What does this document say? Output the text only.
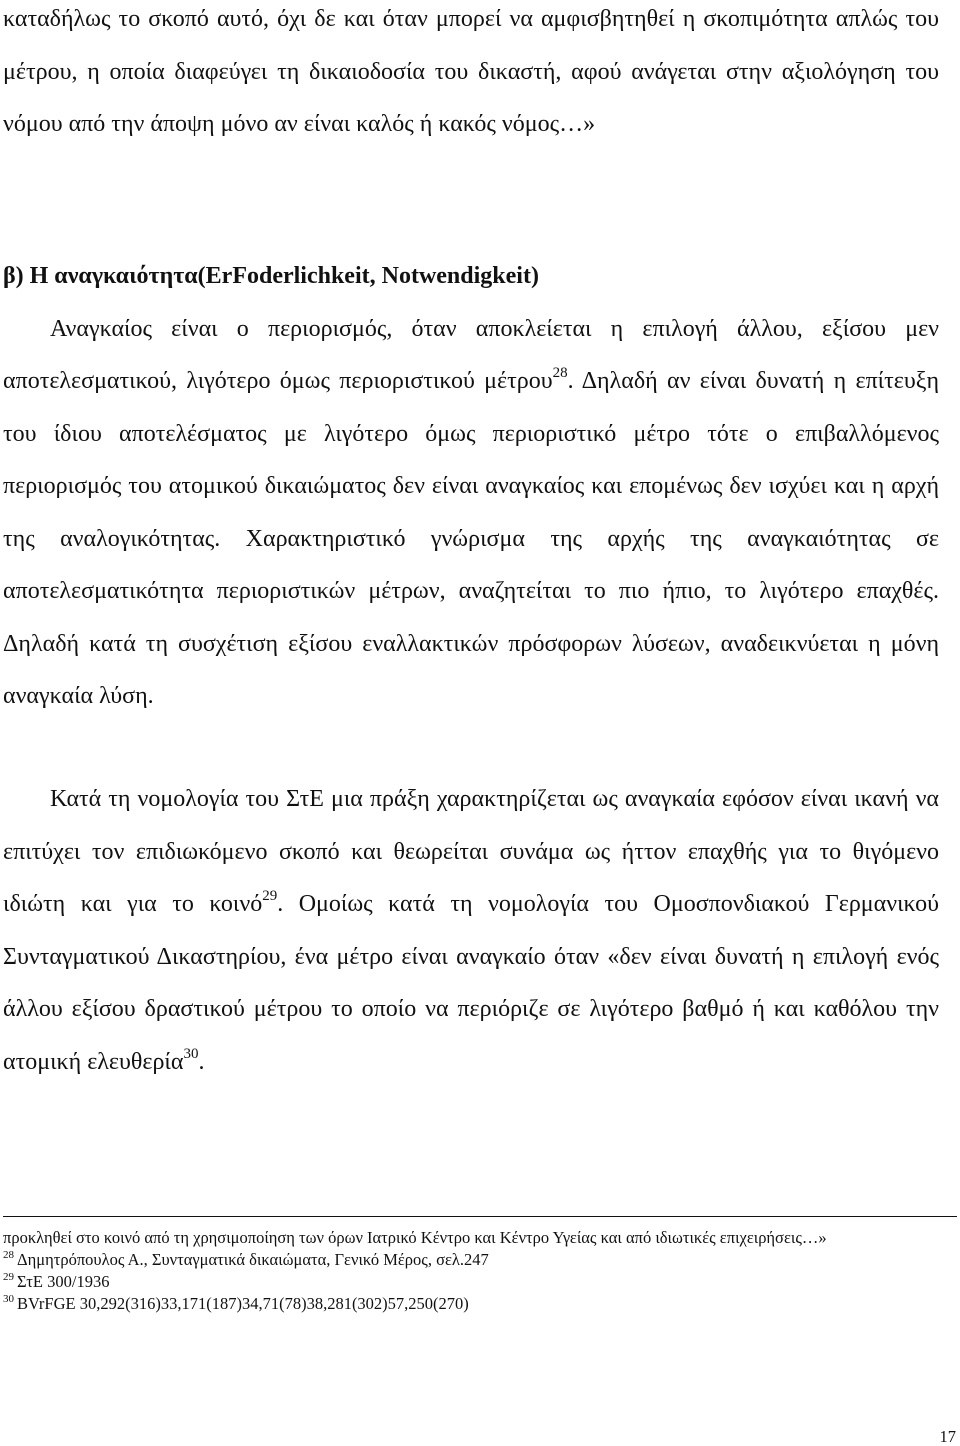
καταδήλως το σκοπό αυτό, όχι δε και όταν μπορεί να αμφισβητηθεί η σκοπιμότητα απλώς του μέτρου, η οποία διαφεύγει τη δικαιοδοσία του δικαστή, αφού ανάγεται στην αξιολόγηση του νόμου από την άποψη μόνο αν είναι καλός ή κακός νόμος…»

β) Η αναγκαιότητα(ErFoderlichkeit, Notwendigkeit)

Αναγκαίος είναι ο περιορισμός, όταν αποκλείεται η επιλογή άλλου, εξίσου μεν αποτελεσματικού, λιγότερο όμως περιοριστικού μέτρου$^{28}$. Δηλαδή αν είναι δυνατή η επίτευξη του ίδιου αποτελέσματος με λιγότερο όμως περιοριστικό μέτρο τότε ο επιβαλλόμενος περιορισμός του ατομικού δικαιώματος δεν είναι αναγκαίος και επομένως δεν ισχύει και η αρχή της αναλογικότητας. Χαρακτηριστικό γνώρισμα της αρχής της αναγκαιότητας σε αποτελεσματικότητα περιοριστικών μέτρων, αναζητείται το πιο ήπιο, το λιγότερο επαχθές. Δηλαδή κατά τη συσχέτιση εξίσου εναλλακτικών πρόσφορων λύσεων, αναδεικνύεται η μόνη αναγκαία λύση.

Κατά τη νομολογία του ΣτΕ μια πράξη χαρακτηρίζεται ως αναγκαία εφόσον είναι ικανή να επιτύχει τον επιδιωκόμενο σκοπό και θεωρείται συνάμα ως ήττον επαχθής για το θιγόμενο ιδιώτη και για το κοινό$^{29}$. Ομοίως κατά τη νομολογία του Ομοσπονδιακού Γερμανικού Συνταγματικού Δικαστηρίου, ένα μέτρο είναι αναγκαίο όταν «δεν είναι δυνατή η επιλογή ενός άλλου εξίσου δραστικού μέτρου το οποίο να περιόριζε σε λιγότερο βαθμό ή και καθόλου την ατομική ελευθερία$^{30}$.

προκληθεί στο κοινό από τη χρησιμοποίηση των όρων Ιατρικό Κέντρο και Κέντρο Υγείας και από ιδιωτικές επιχειρήσεις…»
$^{28}$ Δημητρόπουλος Α., Συνταγματικά δικαιώματα, Γενικό Μέρος, σελ.247
$^{29}$ ΣτΕ 300/1936
$^{30}$ BVrFGE 30,292(316)33,171(187)34,71(78)38,281(302)57,250(270)
17
